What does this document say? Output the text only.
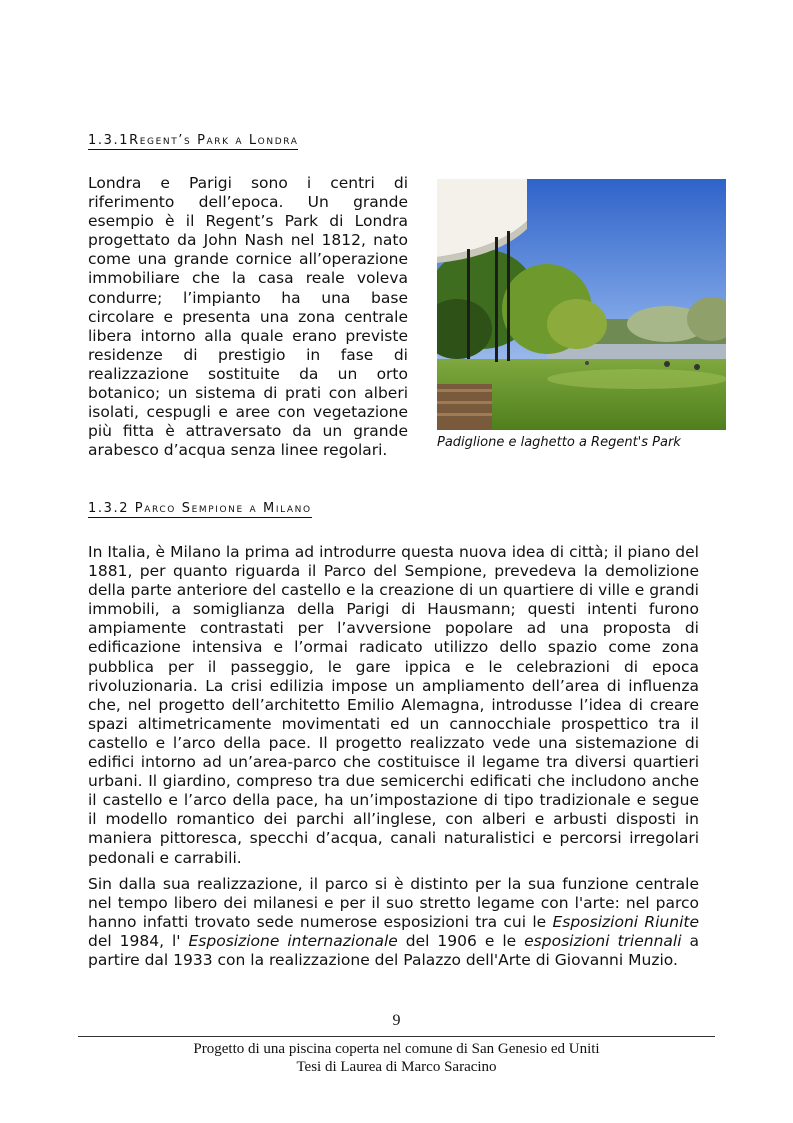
1.3.1Regent’s Park a Londra

Londra e Parigi sono i centri di riferimento dell’epoca. Un grande esempio è il Regent’s Park di Londra progettato da John Nash nel 1812, nato come una grande cornice all’operazione immobiliare che la casa reale voleva condurre; l’impianto ha una base circolare e presenta una zona centrale libera intorno alla quale erano previste residenze di prestigio in fase di realizzazione sostituite da un orto botanico; un sistema di prati con alberi isolati, cespugli e aree con vegetazione più fitta è attraversato da un grande arabesco d’acqua senza linee regolari.	Padiglione e laghetto a Regent's Park

1.3.2 Parco Sempione a Milano

In Italia, è Milano la prima ad introdurre questa nuova idea di città; il piano del 1881, per quanto riguarda il Parco del Sempione, prevedeva la demolizione della parte anteriore del castello e la creazione di un quartiere di ville e grandi immobili, a somiglianza della Parigi di Hausmann; questi intenti furono ampiamente contrastati per l’avversione popolare ad una proposta di edificazione intensiva e l’ormai radicato utilizzo dello spazio come zona pubblica per il passeggio, le gare ippica e le celebrazioni di epoca rivoluzionaria. La crisi edilizia impose un ampliamento dell’area di influenza che, nel progetto dell’architetto Emilio Alemagna, introdusse l’idea di creare spazi altimetricamente movimentati ed un cannocchiale prospettico tra il castello e l’arco della pace. Il progetto realizzato vede una sistemazione di edifici intorno ad un’area-parco che costituisce il legame tra diversi quartieri urbani. Il giardino, compreso tra due semicerchi edificati che includono anche il castello e l’arco della pace, ha un’impostazione di tipo tradizionale e segue il modello romantico dei parchi all’inglese, con alberi e arbusti disposti in maniera pittoresca, specchi d’acqua, canali naturalistici e percorsi irregolari pedonali e carrabili.

Sin dalla sua realizzazione, il parco si è distinto per la sua funzione centrale nel tempo libero dei milanesi e per il suo stretto legame con l'arte: nel parco hanno infatti trovato sede numerose esposizioni tra cui le Esposizioni Riunite del 1984, l' Esposizione internazionale del 1906 e le esposizioni triennali a partire dal 1933 con la realizzazione del Palazzo dell'Arte di Giovanni Muzio.

9
Progetto di una piscina coperta nel comune di San Genesio ed Uniti
Tesi di Laurea di Marco Saracino
